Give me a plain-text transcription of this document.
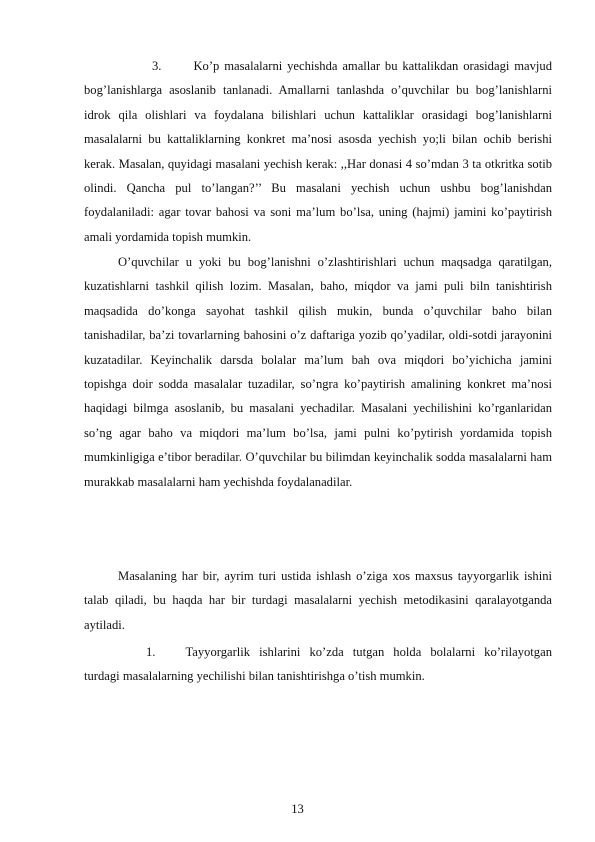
3.	Ko’p masalalarni yechishda amallar bu kattalikdan orasidagi mavjud bog’lanishlarga asoslanib tanlanadi. Amallarni tanlashda o’quvchilar bu bog’lanishlarni idrok qila olishlari va foydalana bilishlari uchun kattaliklar orasidagi bog’lanishlarni masalalarni bu kattaliklarning konkret ma’nosi asosda yechish yo;li bilan ochib berishi kerak. Masalan, quyidagi masalani yechish kerak: ,,Har donasi 4 so’mdan 3 ta otkritka sotib olindi. Qancha pul to’langan?’’ Bu masalani yechish uchun ushbu bog’lanishdan foydalaniladi: agar tovar bahosi va soni ma’lum bo’lsa, uning (hajmi) jamini ko’paytirish amali yordamida topish mumkin.

O’quvchilar u yoki bu bog’lanishni o’zlashtirishlari uchun maqsadga qaratilgan, kuzatishlarni tashkil qilish lozim. Masalan, baho, miqdor va jami puli biln tanishtirish maqsadida do’konga sayohat tashkil qilish mukin, bunda o’quvchilar baho bilan tanishadilar, ba’zi tovarlarning bahosini o’z daftariga yozib qo’yadilar, oldi-sotdi jarayonini kuzatadilar. Keyinchalik darsda bolalar ma’lum bah ova miqdori bo’yichicha jamini topishga doir sodda masalalar tuzadilar, so’ngra ko’paytirish amalining konkret ma’nosi haqidagi bilmga asoslanib, bu masalani yechadilar. Masalani yechilishini ko’rganlaridan so’ng agar baho va miqdori ma’lum bo’lsa, jami pulni ko’pytirish yordamida topish mumkinligiga e’tibor beradilar. O’quvchilar bu bilimdan keyinchalik sodda masalalarni ham murakkab masalalarni ham yechishda foydalanadilar.

Masalaning har bir, ayrim turi ustida ishlash o’ziga xos maxsus tayyorgarlik ishini talab qiladi, bu haqda har bir turdagi masalalarni yechish metodikasini qaralayotganda aytiladi.

1. Tayyorgarlik ishlarini ko’zda tutgan holda bolalarni ko’rilayotgan turdagi masalalarning yechilishi bilan tanishtirishga o’tish mumkin.

13
